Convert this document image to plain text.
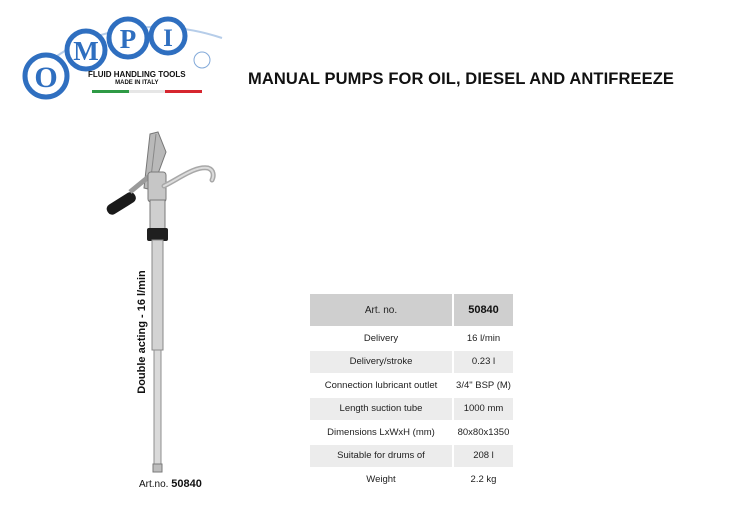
O
M P I
FLUID HANDLING TOOLS
MADE IN ITALY	MANUAL PUMPS FOR OIL, DIESEL AND ANTIFREEZE
Double acting - 16 l/min
Art.no. 50840
Art. no.	50840
Delivery	16 l/min
Delivery/stroke	0.23 l
Connection lubricant outlet	3/4" BSP (M)
Length suction tube	1000 mm
Dimensions LxWxH (mm)	80x80x1350
Suitable for drums of	208 l
Weight	2.2 kg
